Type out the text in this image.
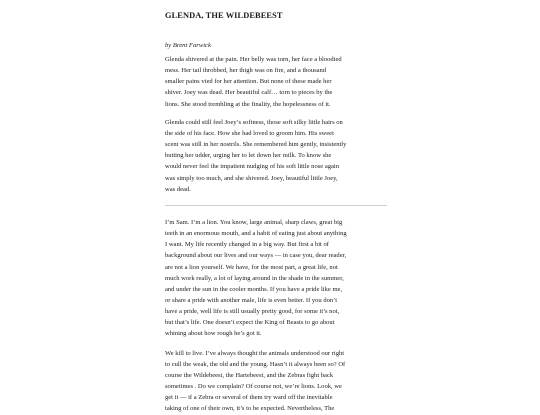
GLENDA, THE WILDEBEEST

by Brent Farwick

Glenda shivered at the pain. Her belly was torn, her face a bloodied
mess. Her tail throbbed, her thigh was on fire, and a thousand
smaller pains vied for her attention. But none of these made her
shiver. Joey was dead. Her beautiful calf… torn to pieces by the
lions. She stood trembling at the finality, the hopelessness of it.

Glenda could still feel Joey’s softness, those soft silky little hairs on
the side of his face. How she had loved to groom him. His sweet
scent was still in her nostrils. She remembered him gently, insistently
butting her udder, urging her to let down her milk. To know she
would never feel the impatient nudging of his soft little nose again
was simply too much, and she shivered. Joey, beautiful little Joey,
was dead.

I’m Sam. I’m a lion. You know, large animal, sharp claws, great big
teeth in an enormous mouth, and a habit of eating just about anything
I want. My life recently changed in a big way. But first a bit of
background about our lives and our ways — in case you, dear reader,
are not a lion yourself. We have, for the most part, a great life, not
much work really, a lot of laying around in the shade in the summer,
and under the sun in the cooler months. If you have a pride like me,
or share a pride with another male, life is even better. If you don’t
have a pride, well life is still usually pretty good, for some it’s not,
but that’s life. One doesn’t expect the King of Beasts to go about
whining about how rough he’s got it.

We kill to live. I’ve always thought the animals understood our right
to cull the weak, the old and the young. Hasn’t it always been so? Of
course the Wildebeest, the Hartebeest, and the Zebras fight back
sometimes . Do we complain? Of course not, we’re lions. Look, we
get it — if a Zebra or several of them try ward off the inevitable
taking of one of their own, it’s to be expected. Nevertheless, The
